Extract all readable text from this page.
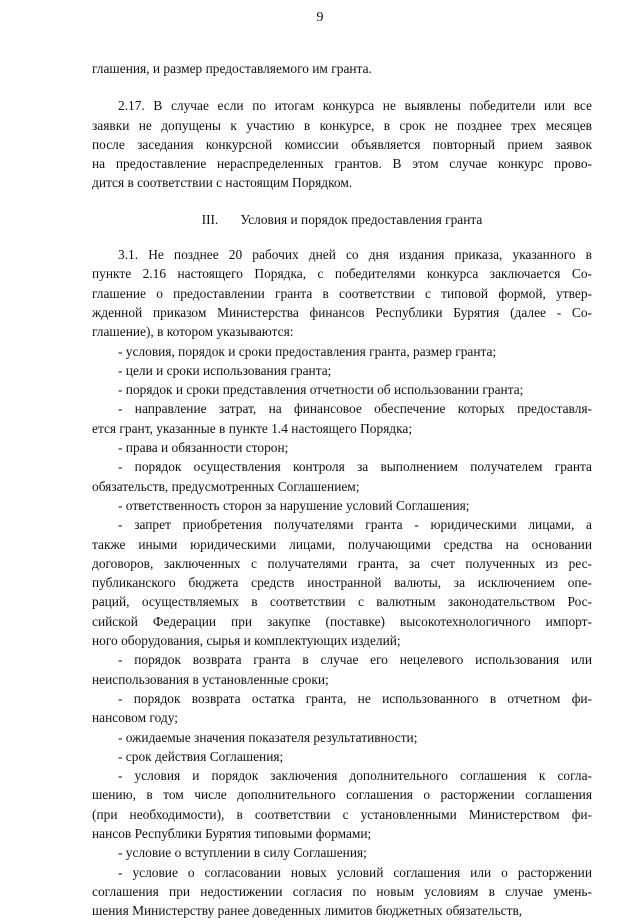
9
глашения, и размер предоставляемого им гранта.
2.17. В случае если по итогам конкурса не выявлены победители или все
заявки не допущены к участию в конкурсе, в срок не позднее трех месяцев
после заседания конкурсной комиссии объявляется повторный прием заявок
на предоставление нераспределенных грантов. В этом случае конкурс прово-
дится в соответствии с настоящим Порядком.
III. Условия и порядок предоставления гранта
3.1. Не позднее 20 рабочих дней со дня издания приказа, указанного в
пункте 2.16 настоящего Порядка, с победителями конкурса заключается Со-
глашение о предоставлении гранта в соответствии с типовой формой, утвер-
жденной приказом Министерства финансов Республики Бурятия (далее - Со-
глашение), в котором указываются:
- условия, порядок и сроки предоставления гранта, размер гранта;
- цели и сроки использования гранта;
- порядок и сроки представления отчетности об использовании гранта;
- направление затрат, на финансовое обеспечение которых предоставля-
ется грант, указанные в пункте 1.4 настоящего Порядка;
- права и обязанности сторон;
- порядок осуществления контроля за выполнением получателем гранта
обязательств, предусмотренных Соглашением;
- ответственность сторон за нарушение условий Соглашения;
- запрет приобретения получателями гранта - юридическими лицами, а
также иными юридическими лицами, получающими средства на основании
договоров, заключенных с получателями гранта, за счет полученных из рес-
публиканского бюджета средств иностранной валюты, за исключением опе-
раций, осуществляемых в соответствии с валютным законодательством Рос-
сийской Федерации при закупке (поставке) высокотехнологичного импорт-
ного оборудования, сырья и комплектующих изделий;
- порядок возврата гранта в случае его нецелевого использования или
неиспользования в установленные сроки;
- порядок возврата остатка гранта, не использованного в отчетном фи-
нансовом году;
- ожидаемые значения показателя результативности;
- срок действия Соглашения;
- условия и порядок заключения дополнительного соглашения к согла-
шению, в том числе дополнительного соглашения о расторжении соглашения
(при необходимости), в соответствии с установленными Министерством фи-
нансов Республики Бурятия типовыми формами;
- условие о вступлении в силу Соглашения;
- условие о согласовании новых условий соглашения или о расторжении
соглашения при недостижении согласия по новым условиям в случае умень-
шения Министерству ранее доведенных лимитов бюджетных обязательств,
